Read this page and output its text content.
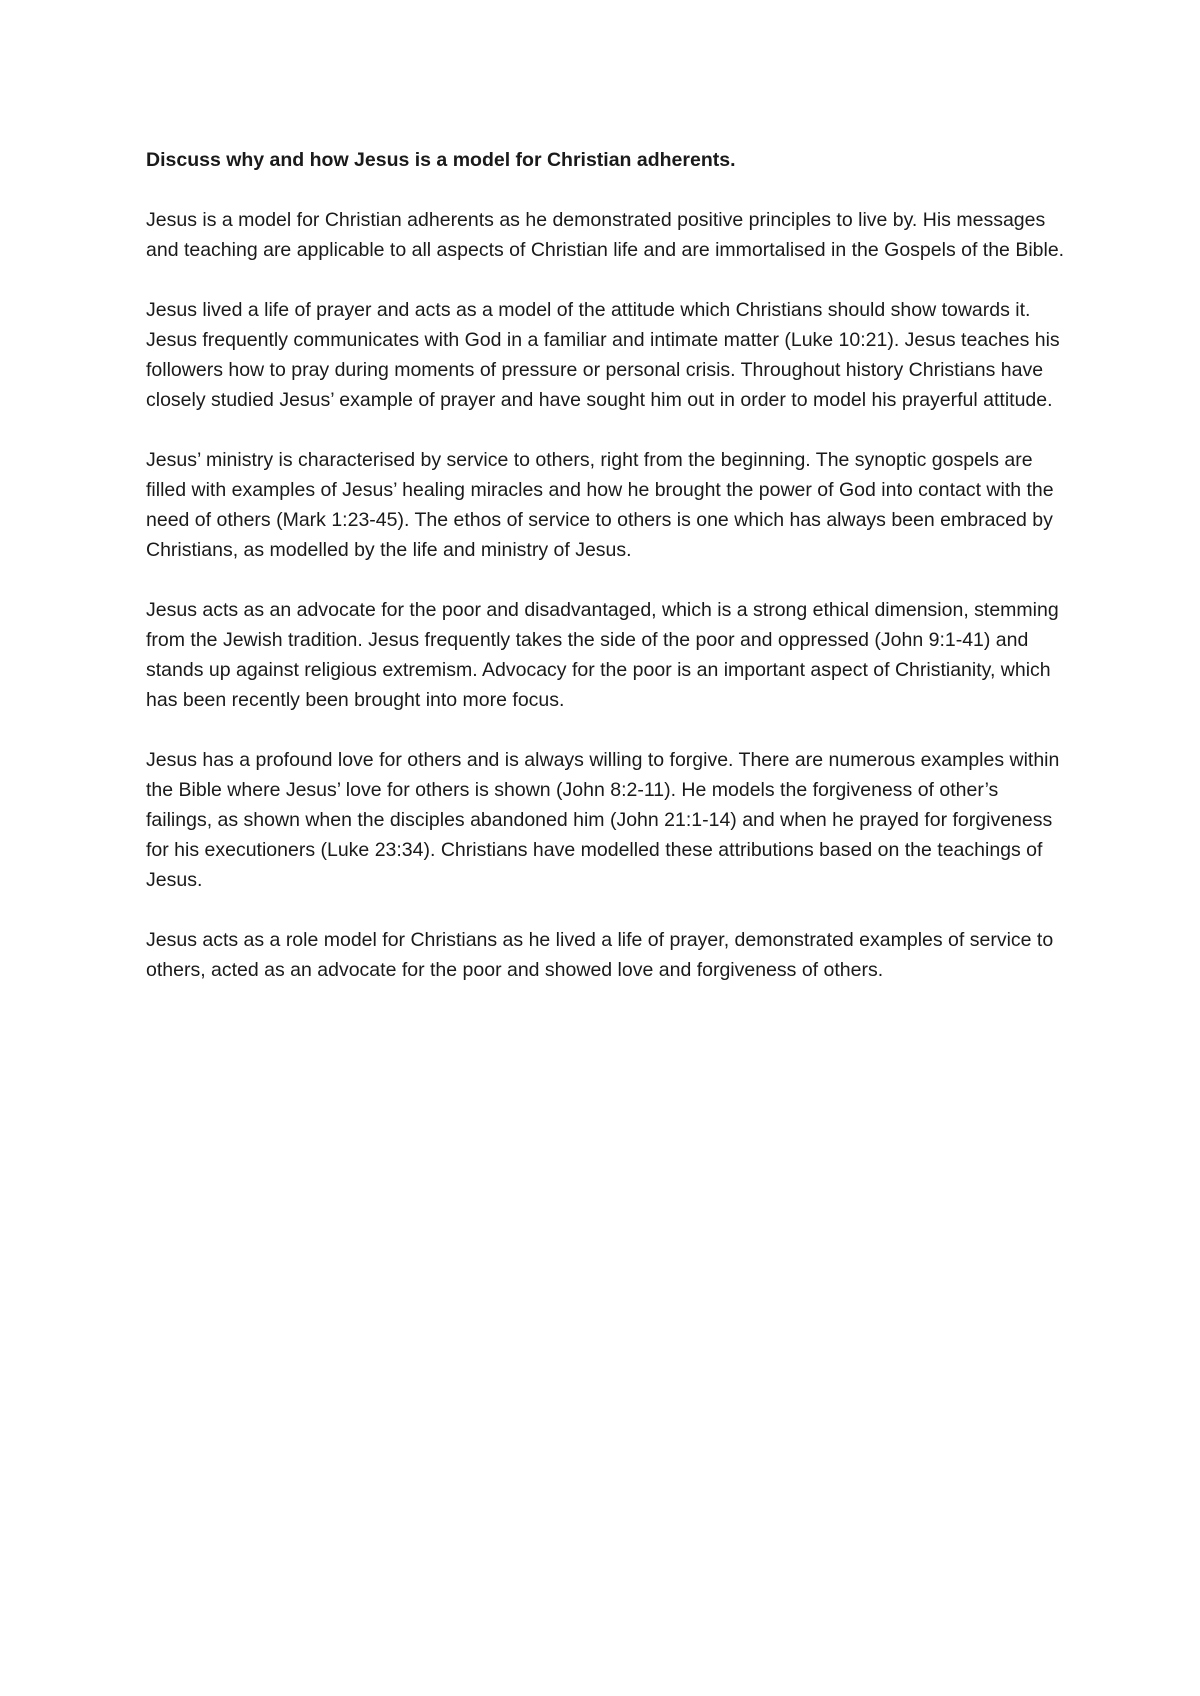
Discuss why and how Jesus is a model for Christian adherents.

Jesus is a model for Christian adherents as he demonstrated positive principles to live by. His messages and teaching are applicable to all aspects of Christian life and are immortalised in the Gospels of the Bible.

Jesus lived a life of prayer and acts as a model of the attitude which Christians should show towards it. Jesus frequently communicates with God in a familiar and intimate matter (Luke 10:21). Jesus teaches his followers how to pray during moments of pressure or personal crisis. Throughout history Christians have closely studied Jesus’ example of prayer and have sought him out in order to model his prayerful attitude.

Jesus’ ministry is characterised by service to others, right from the beginning. The synoptic gospels are filled with examples of Jesus’ healing miracles and how he brought the power of God into contact with the need of others (Mark 1:23-45). The ethos of service to others is one which has always been embraced by Christians, as modelled by the life and ministry of Jesus.

Jesus acts as an advocate for the poor and disadvantaged, which is a strong ethical dimension, stemming from the Jewish tradition. Jesus frequently takes the side of the poor and oppressed (John 9:1-41) and stands up against religious extremism. Advocacy for the poor is an important aspect of Christianity, which has been recently been brought into more focus.

Jesus has a profound love for others and is always willing to forgive. There are numerous examples within the Bible where Jesus’ love for others is shown (John 8:2-11). He models the forgiveness of other’s failings, as shown when the disciples abandoned him (John 21:1-14) and when he prayed for forgiveness for his executioners (Luke 23:34). Christians have modelled these attributions based on the teachings of Jesus.

Jesus acts as a role model for Christians as he lived a life of prayer, demonstrated examples of service to others, acted as an advocate for the poor and showed love and forgiveness of others.
